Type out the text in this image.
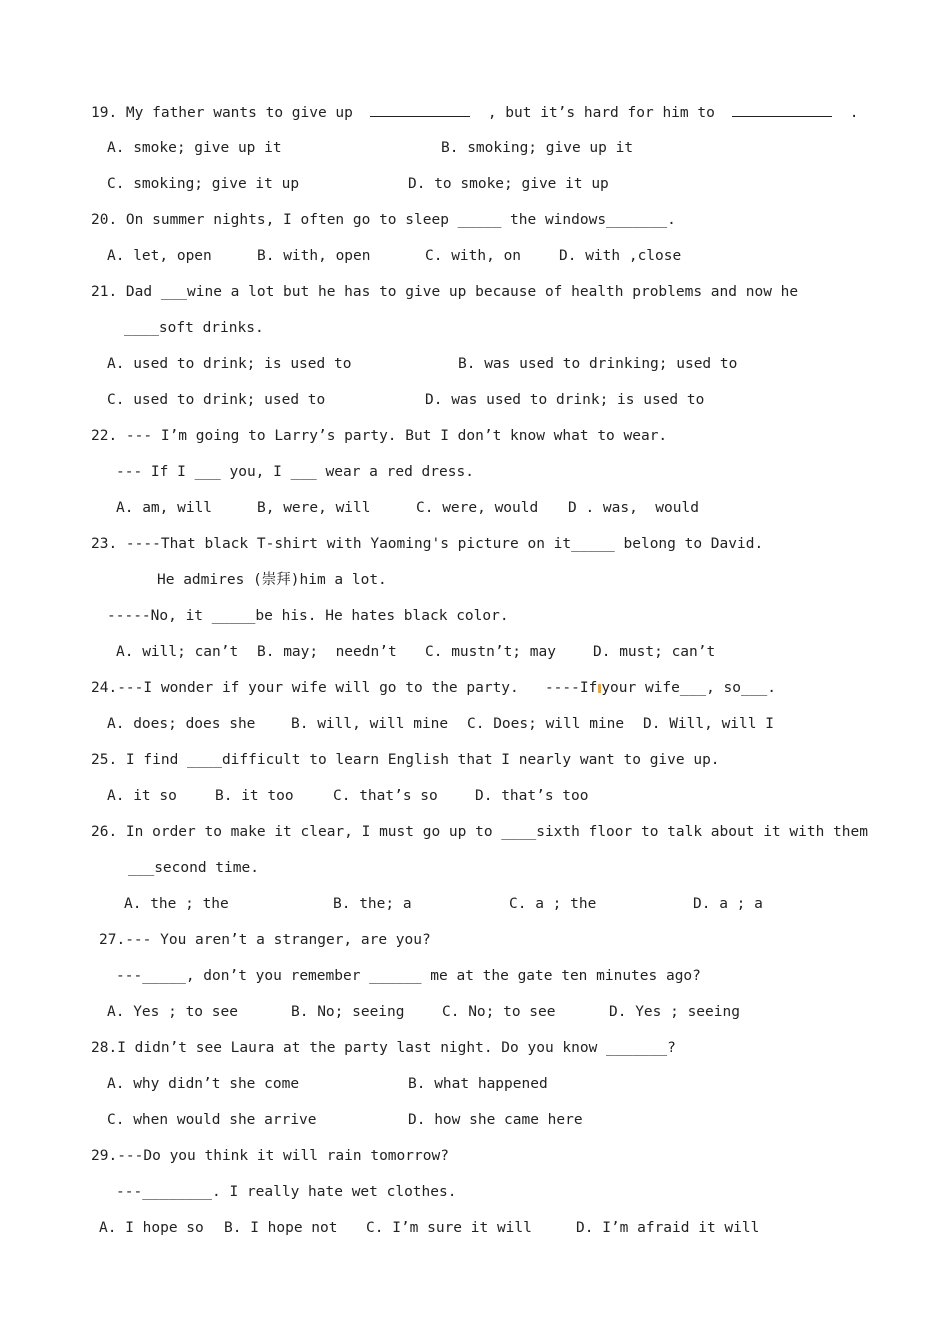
19. My father wants to give up	, but it’s hard for him to	.
A. smoke; give up it	B. smoking; give up it
C. smoking; give it up	D. to smoke; give it up
20. On summer nights, I often go to sleep _____ the windows_______.
A. let, open	B. with, open	C. with, on	D. with ,close
21. Dad ___wine a lot but he has to give up because of health problems and now he
____soft drinks.
A. used to drink; is used to	B. was used to drinking; used to
C. used to drink; used to	D. was used to drink; is used to
22. --- I’m going to Larry’s party. But I don’t know what to wear.
--- If I ___ you, I ___ wear a red dress.
A. am, will	B, were, will	C. were, would D . was,  would
23. ----That black T-shirt with Yaoming's picture on it_____ belong to David.
He admires (崇拜)him a lot.
-----No, it _____be his. He hates black color.
A. will; can’t B. may;  needn’t C. mustn’t; may	D. must; can’t
24.---I wonder if your wife will go to the party.   ----If your wife___, so___.
A. does; does she B. will, will mine C. Does; will mine D. Will, will I
25. I find ____difficult to learn English that I nearly want to give up.
A. it so	B. it too	C. that’s so	D. that’s too
26. In order to make it clear, I must go up to ____sixth floor to talk about it with them
___second time.
A. the ; the	B. the; a	C. a ; the	D. a ; a
27.--- You aren’t a stranger, are you?
---_____, don’t you remember ______ me at the gate ten minutes ago?
A. Yes ; to see	B. No; seeing	C. No; to see	D. Yes ; seeing
28.I didn’t see Laura at the party last night. Do you know _______?
A. why didn’t she come	B. what happened
C. when would she arrive	D. how she came here
29.---Do you think it will rain tomorrow?
---________. I really hate wet clothes.
A. I hope so B. I hope not C. I’m sure it will	D. I’m afraid it will
